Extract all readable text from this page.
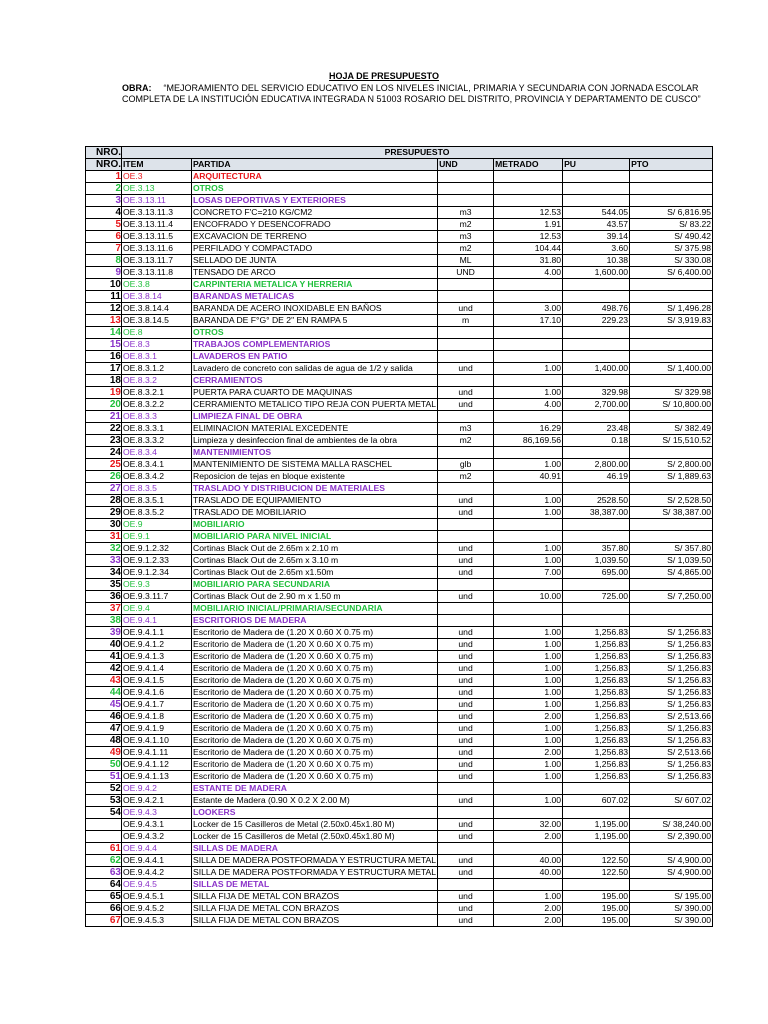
HOJA DE PRESUPUESTO
OBRA: “MEJORAMIENTO DEL SERVICIO EDUCATIVO EN LOS NIVELES INICIAL, PRIMARIA Y SECUNDARIA CON JORNADA ESCOLAR COMPLETA DE LA INSTITUCIÓN EDUCATIVA INTEGRADA N 51003 ROSARIO DEL DISTRITO, PROVINCIA Y DEPARTAMENTO DE CUSCO”
NRO.	PRESUPUESTO					
NRO.	ITEM	PARTIDA	UND	METRADO	PU	PTO
1	OE.3	ARQUITECTURA				
2	OE.3.13	OTROS				
3	OE.3.13.11	LOSAS DEPORTIVAS Y EXTERIORES				
4	OE.3.13.11.3	CONCRETO F'C=210 KG/CM2	m3	12.53	544.05	S/ 6,816.95
5	OE.3.13.11.4	ENCOFRADO Y DESENCOFRADO	m2	1.91	43.57	S/ 83.22
6	OE.3.13.11.5	EXCAVACION DE TERRENO	m3	12.53	39.14	S/ 490.42
7	OE.3.13.11.6	PERFILADO Y COMPACTADO	m2	104.44	3.60	S/ 375.98
8	OE.3.13.11.7	SELLADO DE JUNTA	ML	31.80	10.38	S/ 330.08
9	OE.3.13.11.8	TENSADO DE ARCO	UND	4.00	1,600.00	S/ 6,400.00
10	OE.3.8	CARPINTERIA METALICA Y HERRERIA				
11	OE.3.8.14	BARANDAS METALICAS				
12	OE.3.8.14.4	BARANDA DE ACERO INOXIDABLE EN BAÑOS	und	3.00	498.76	S/ 1,496.28
13	OE.3.8.14.5	BARANDA DE F°G° DE 2" EN RAMPA 5	m	17.10	229.23	S/ 3,919.83
14	OE.8	OTROS				
15	OE.8.3	TRABAJOS COMPLEMENTARIOS				
16	OE.8.3.1	LAVADEROS EN PATIO				
17	OE.8.3.1.2	Lavadero de concreto con salidas de agua de 1/2 y salida	und	1.00	1,400.00	S/ 1,400.00
18	OE.8.3.2	CERRAMIENTOS				
19	OE.8.3.2.1	PUERTA PARA CUARTO DE MAQUINAS	und	1.00	329.98	S/ 329.98
20	OE.8.3.2.2	CERRAMIENTO METALICO TIPO REJA CON PUERTA METAL	und	4.00	2,700.00	S/ 10,800.00
21	OE.8.3.3	LIMPIEZA FINAL DE OBRA				
22	OE.8.3.3.1	ELIMINACION MATERIAL EXCEDENTE	m3	16.29	23.48	S/ 382.49
23	OE.8.3.3.2	Limpieza y desinfeccion final de ambientes de la obra	m2	86,169.56	0.18	S/ 15,510.52
24	OE.8.3.4	MANTENIMIENTOS				
25	OE.8.3.4.1	MANTENIMIENTO DE SISTEMA MALLA RASCHEL	glb	1.00	2,800.00	S/ 2,800.00
26	OE.8.3.4.2	Reposicion de tejas en bloque existente	m2	40.91	46.19	S/ 1,889.63
27	OE.8.3.5	TRASLADO Y DISTRIBUCION DE MATERIALES				
28	OE.8.3.5.1	TRASLADO DE EQUIPAMIENTO	und	1.00	2528.50	S/ 2,528.50
29	OE.8.3.5.2	TRASLADO DE MOBILIARIO	und	1.00	38,387.00	S/ 38,387.00
30	OE.9	MOBILIARIO				
31	OE.9.1	MOBILIARIO PARA NIVEL INICIAL				
32	OE.9.1.2.32	Cortinas Black Out de 2.65m x 2.10 m	und	1.00	357.80	S/ 357.80
33	OE.9.1.2.33	Cortinas Black Out de 2.65m x 3.10 m	und	1.00	1,039.50	S/ 1,039.50
34	OE.9.1.2.34	Cortinas Black Out de 2.65m x1.50m	und	7.00	695.00	S/ 4,865.00
35	OE.9.3	MOBILIARIO PARA SECUNDARIA				
36	OE.9.3.11.7	Cortinas Black Out de 2.90 m x 1.50 m	und	10.00	725.00	S/ 7,250.00
37	OE.9.4	MOBILIARIO INICIAL/PRIMARIA/SECUNDARIA				
38	OE.9.4.1	ESCRITORIOS DE MADERA				
39	OE.9.4.1.1	Escritorio de Madera de (1.20 X 0.60 X 0.75 m)	und	1.00	1,256.83	S/ 1,256.83
40	OE.9.4.1.2	Escritorio de Madera de (1.20 X 0.60 X 0.75 m)	und	1.00	1,256.83	S/ 1,256.83
41	OE.9.4.1.3	Escritorio de Madera de (1.20 X 0.60 X 0.75 m)	und	1.00	1,256.83	S/ 1,256.83
42	OE.9.4.1.4	Escritorio de Madera de (1.20 X 0.60 X 0.75 m)	und	1.00	1,256.83	S/ 1,256.83
43	OE.9.4.1.5	Escritorio de Madera de (1.20 X 0.60 X 0.75 m)	und	1.00	1,256.83	S/ 1,256.83
44	OE.9.4.1.6	Escritorio de Madera de (1.20 X 0.60 X 0.75 m)	und	1.00	1,256.83	S/ 1,256.83
45	OE.9.4.1.7	Escritorio de Madera de (1.20 X 0.60 X 0.75 m)	und	1.00	1,256.83	S/ 1,256.83
46	OE.9.4.1.8	Escritorio de Madera de (1.20 X 0.60 X 0.75 m)	und	2.00	1,256.83	S/ 2,513.66
47	OE.9.4.1.9	Escritorio de Madera de (1.20 X 0.60 X 0.75 m)	und	1.00	1,256.83	S/ 1,256.83
48	OE.9.4.1.10	Escritorio de Madera de (1.20 X 0.60 X 0.75 m)	und	1.00	1,256.83	S/ 1,256.83
49	OE.9.4.1.11	Escritorio de Madera de (1.20 X 0.60 X 0.75 m)	und	2.00	1,256.83	S/ 2,513.66
50	OE.9.4.1.12	Escritorio de Madera de (1.20 X 0.60 X 0.75 m)	und	1.00	1,256.83	S/ 1,256.83
51	OE.9.4.1.13	Escritorio de Madera de (1.20 X 0.60 X 0.75 m)	und	1.00	1,256.83	S/ 1,256.83
52	OE.9.4.2	ESTANTE DE MADERA				
53	OE.9.4.2.1	Estante de Madera (0.90 X 0.2 X 2.00 M)	und	1.00	607.02	S/ 607.02
54	OE.9.4.3	LOOKERS				
	OE.9.4.3.1	Locker de 15 Casilleros de Metal (2.50x0.45x1.80 M)	und	32.00	1,195.00	S/ 38,240.00
	OE.9.4.3.2	Locker de 15 Casilleros de Metal (2.50x0.45x1.80 M)	und	2.00	1,195.00	S/ 2,390.00
61	OE.9.4.4	SILLAS DE MADERA				
62	OE.9.4.4.1	SILLA DE MADERA POSTFORMADA Y ESTRUCTURA METAL	und	40.00	122.50	S/ 4,900.00
63	OE.9.4.4.2	SILLA DE MADERA POSTFORMADA Y ESTRUCTURA METAL	und	40.00	122.50	S/ 4,900.00
64	OE.9.4.5	SILLAS DE METAL				
65	OE.9.4.5.1	SILLA FIJA DE METAL CON BRAZOS	und	1.00	195.00	S/ 195.00
66	OE.9.4.5.2	SILLA FIJA DE METAL CON BRAZOS	und	2.00	195.00	S/ 390.00
67	OE.9.4.5.3	SILLA FIJA DE METAL CON BRAZOS	und	2.00	195.00	S/ 390.00
